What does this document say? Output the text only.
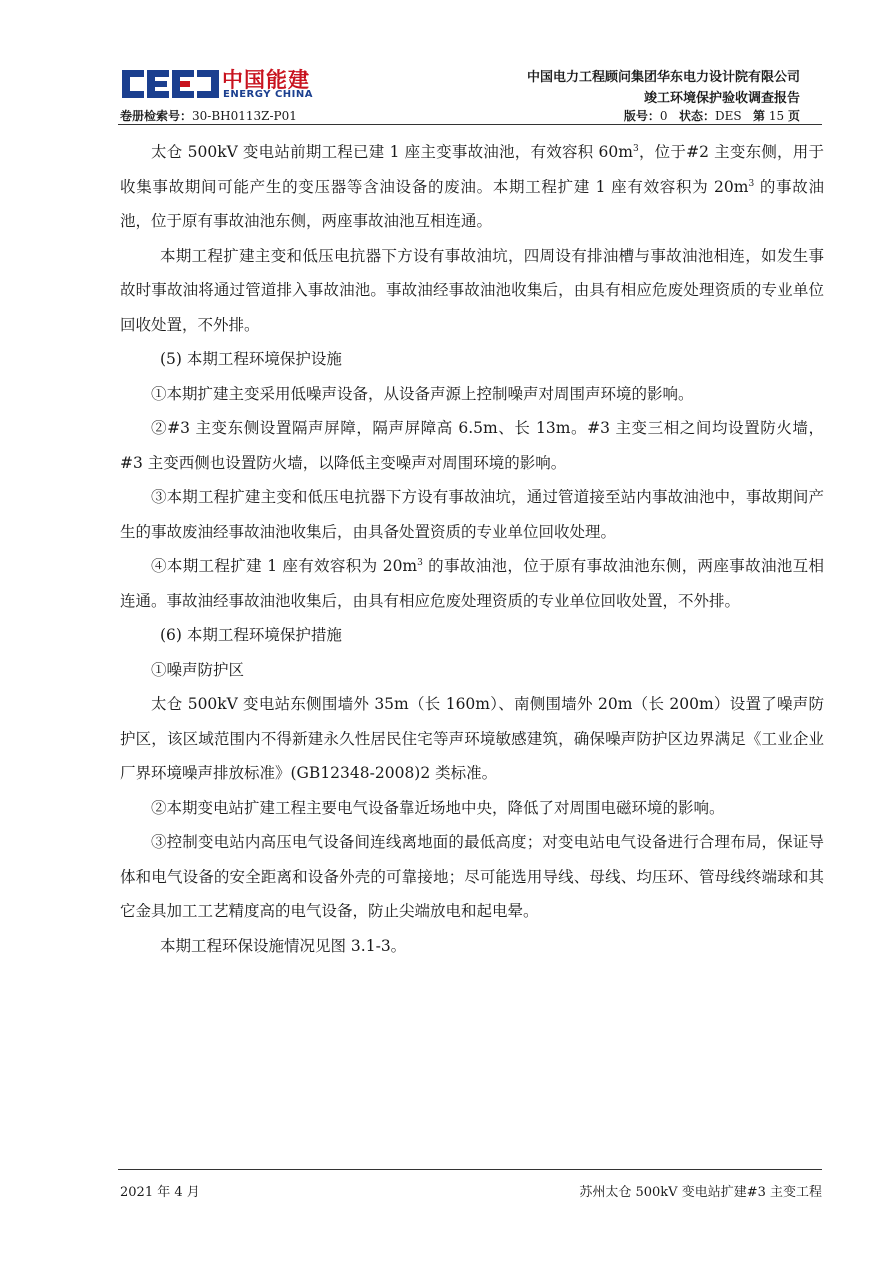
中国能建
ENERGY CHINA
中国电力工程顾问集团华东电力设计院有限公司
竣工环境保护验收调查报告
卷册检索号：30-BH0113Z-P01	版号：0 状态：DES 第 15 页

太仓 500kV 变电站前期工程已建 1 座主变事故油池，有效容积 $60m^3$，位于#2 主变东侧，用于收集事故期间可能产生的变压器等含油设备的废油。本期工程扩建 1 座有效容积为 $20m^3$ 的事故油池，位于原有事故油池东侧，两座事故油池互相连通。

本期工程扩建主变和低压电抗器下方设有事故油坑，四周设有排油槽与事故油池相连，如发生事故时事故油将通过管道排入事故油池。事故油经事故油池收集后，由具有相应危废处理资质的专业单位回收处置，不外排。

(5) 本期工程环境保护设施

①本期扩建主变采用低噪声设备，从设备声源上控制噪声对周围声环境的影响。

②#3 主变东侧设置隔声屏障，隔声屏障高 6.5m、长 13m。#3 主变三相之间均设置防火墙，#3 主变西侧也设置防火墙，以降低主变噪声对周围环境的影响。

③本期工程扩建主变和低压电抗器下方设有事故油坑，通过管道接至站内事故油池中，事故期间产生的事故废油经事故油池收集后，由具备处置资质的专业单位回收处理。

④本期工程扩建 1 座有效容积为 $20m^3$ 的事故油池，位于原有事故油池东侧，两座事故油池互相连通。事故油经事故油池收集后，由具有相应危废处理资质的专业单位回收处置，不外排。

(6) 本期工程环境保护措施

①噪声防护区

太仓 500kV 变电站东侧围墙外 35m（长 160m）、南侧围墙外 20m（长 200m）设置了噪声防护区，该区域范围内不得新建永久性居民住宅等声环境敏感建筑，确保噪声防护区边界满足《工业企业厂界环境噪声排放标准》(GB12348-2008)2 类标准。

②本期变电站扩建工程主要电气设备靠近场地中央，降低了对周围电磁环境的影响。

③控制变电站内高压电气设备间连线离地面的最低高度；对变电站电气设备进行合理布局，保证导体和电气设备的安全距离和设备外壳的可靠接地；尽可能选用导线、母线、均压环、管母线终端球和其它金具加工工艺精度高的电气设备，防止尖端放电和起电晕。

本期工程环保设施情况见图 3.1-3。

2021 年 4 月	苏州太仓 500kV 变电站扩建#3 主变工程
